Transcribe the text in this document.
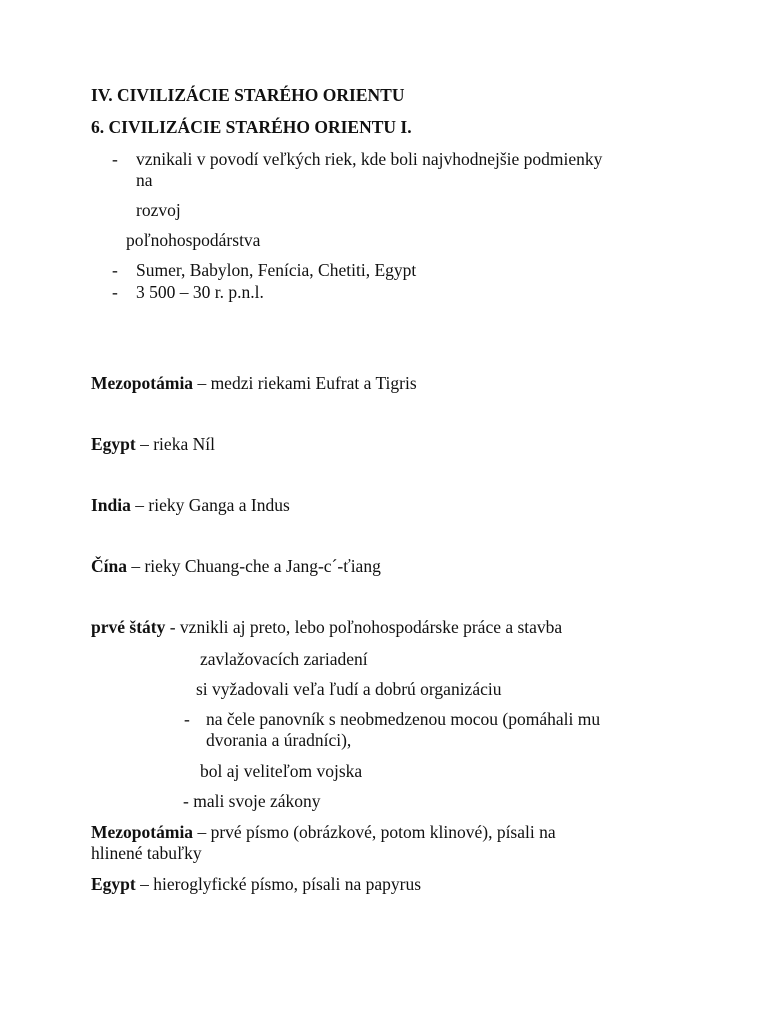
IV. CIVILIZÁCIE STARÉHO ORIENTU
6. CIVILIZÁCIE STARÉHO ORIENTU I.
- vznikali v povodí veľkých riek, kde boli najvhodnejšie podmienky
na
rozvoj
poľnohospodárstva
- Sumer, Babylon, Fenícia, Chetiti, Egypt
- 3 500 – 30 r. p.n.l.
Mezopotámia – medzi riekami Eufrat a Tigris
Egypt – rieka Níl
India – rieky Ganga a Indus
Čína – rieky Chuang-che a Jang-c´-ťiang
prvé štáty - vznikli aj preto, lebo poľnohospodárske práce a stavba
zavlažovacích zariadení
si vyžadovali veľa ľudí a dobrú organizáciu
- na čele panovník s neobmedzenou mocou (pomáhali mu
dvorania a úradníci),
bol aj veliteľom vojska
- mali svoje zákony
Mezopotámia – prvé písmo (obrázkové, potom klinové), písali na
hlinené tabuľky
Egypt – hieroglyfické písmo, písali na papyrus
